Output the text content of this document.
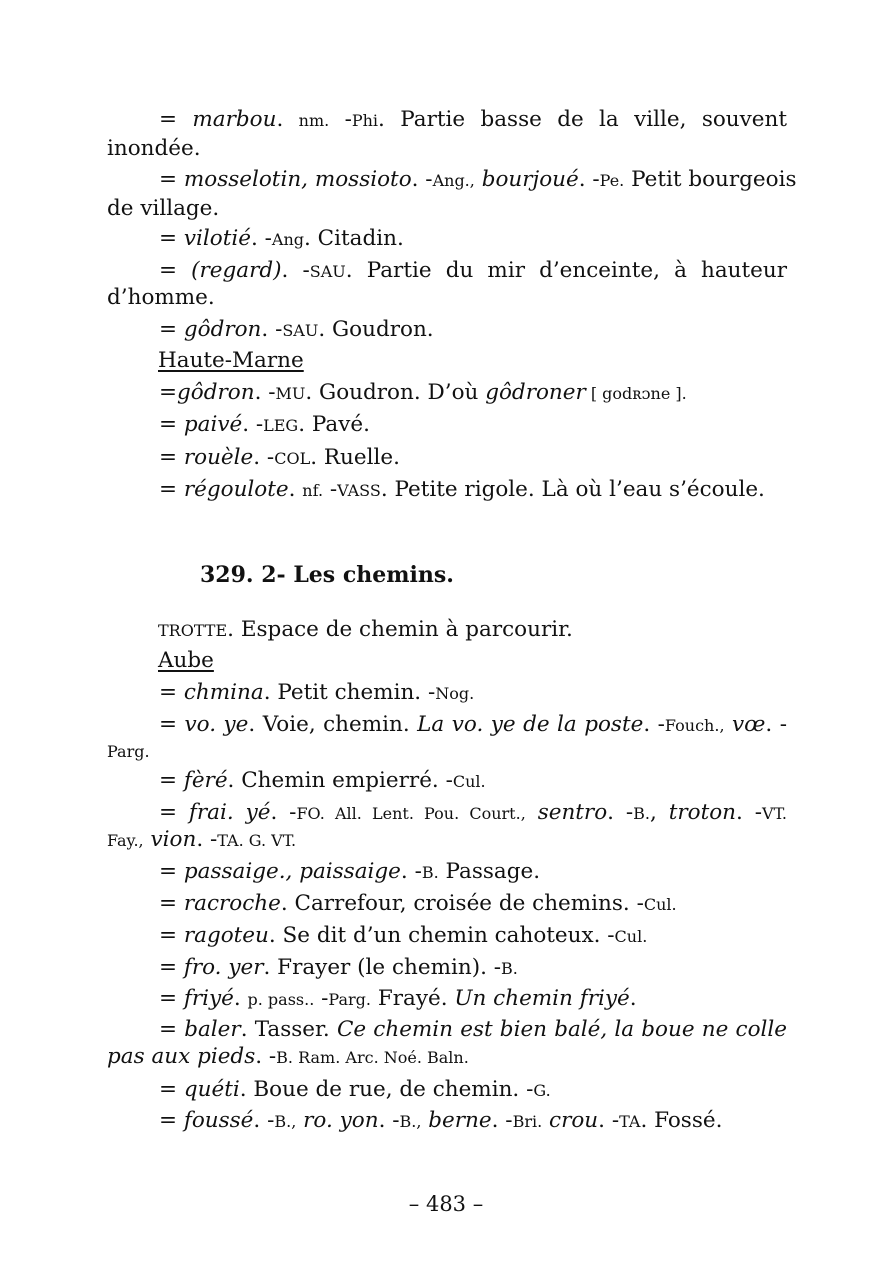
= marbou. nm. -Phi. Partie basse de la ville, souvent
inondée.
= mosselotin, mossioto. -Ang., bourjoué. -Pe. Petit bourgeois
de village.
= vilotié. -Ang. Citadin.
= (regard). -SAU. Partie du mir d’enceinte, à hauteur
d’homme.
= gôdron. -SAU. Goudron.
Haute-Marne
=gôdron. -MU. Goudron. D’où gôdroner [ gᴏdʀᴐne ].
= paivé. -LEG. Pavé.
= rouèle. -COL. Ruelle.
= régoulote. nf. -VASS. Petite rigole. Là où l’eau s’écoule.
329. 2- Les chemins.
TROTTE. Espace de chemin à parcourir.
Aube
= chmina. Petit chemin. -Nog.
= vo. ye. Voie, chemin. La vo. ye de la poste. -Fouch., vœ. -
Parg.
= fèré. Chemin empierré. -Cul.
= frai. yé. -FO. All. Lent. Pou. Court., sentro. -B., troton. -VT.
Fay., vion. -TA. G. VT.
= passaige., paissaige. -B. Passage.
= racroche. Carrefour, croisée de chemins. -Cul.
= ragoteu. Se dit d’un chemin cahoteux. -Cul.
= fro. yer. Frayer (le chemin). -B.
= friyé. p. pass.. -Parg. Frayé. Un chemin friyé.
= baler. Tasser. Ce chemin est bien balé, la boue ne colle
pas aux pieds. -B. Ram. Arc. Noé. Baln.
= quéti. Boue de rue, de chemin. -G.
= foussé. -B., ro. yon. -B., berne. -Bri. crou. -TA. Fossé.
– 483 –
